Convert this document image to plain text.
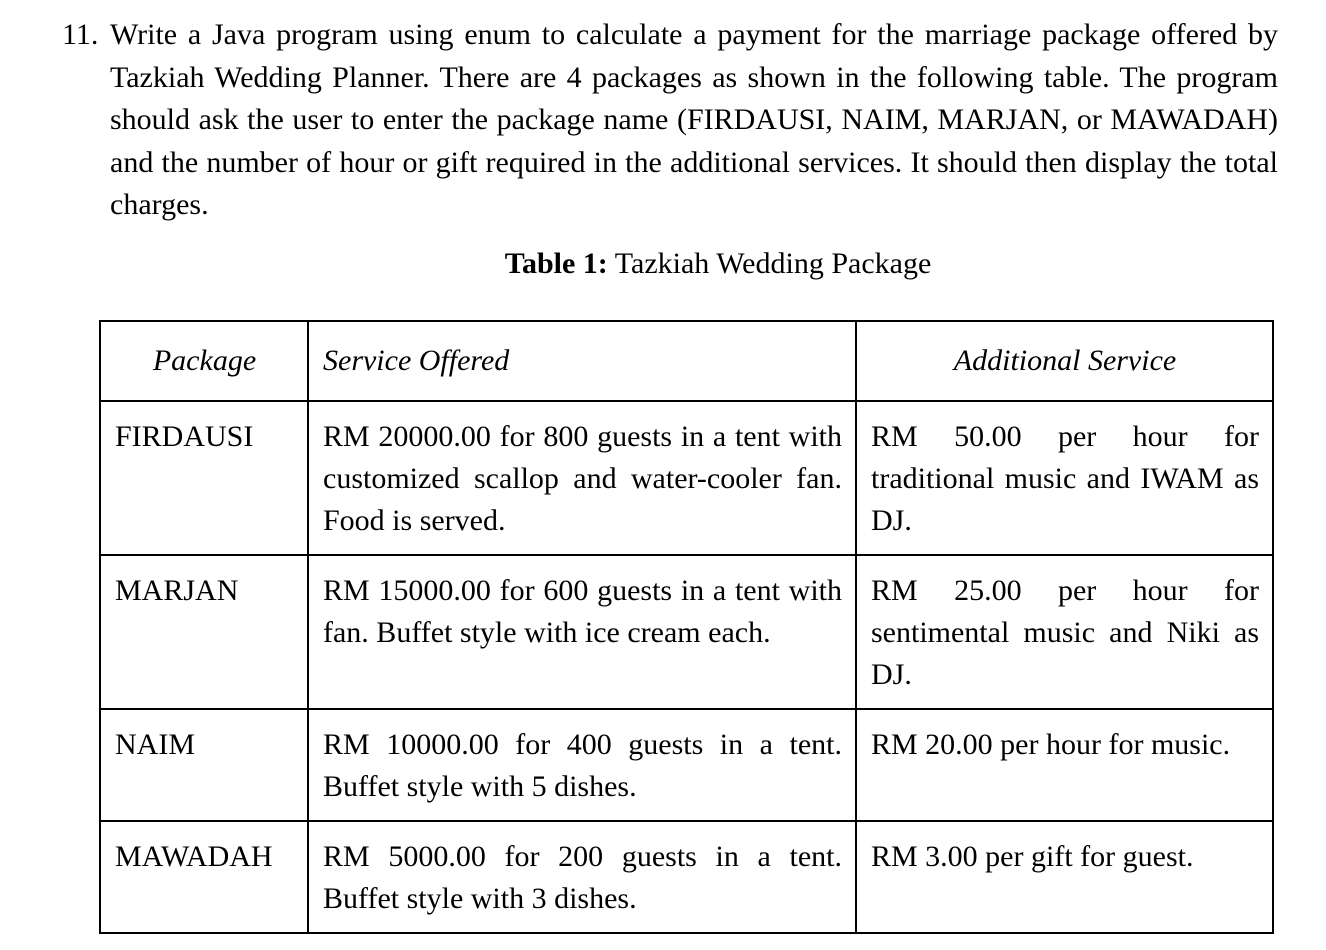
11. Write a Java program using enum to calculate a payment for the marriage package offered by Tazkiah Wedding Planner. There are 4 packages as shown in the following table. The program should ask the user to enter the package name (FIRDAUSI, NAIM, MARJAN, or MAWADAH) and the number of hour or gift required in the additional services. It should then display the total charges.
Table 1: Tazkiah Wedding Package
Package	Service Offered	Additional Service
FIRDAUSI	RM 20000.00 for 800 guests in a tent with customized scallop and water-cooler fan. Food is served.	RM 50.00 per hour for traditional music and IWAM as DJ.
MARJAN	RM 15000.00 for 600 guests in a tent with fan. Buffet style with ice cream each.	RM 25.00 per hour for sentimental music and Niki as DJ.
NAIM	RM 10000.00 for 400 guests in a tent. Buffet style with 5 dishes.	RM 20.00 per hour for music.
MAWADAH	RM 5000.00 for 200 guests in a tent. Buffet style with 3 dishes.	RM 3.00 per gift for guest.
